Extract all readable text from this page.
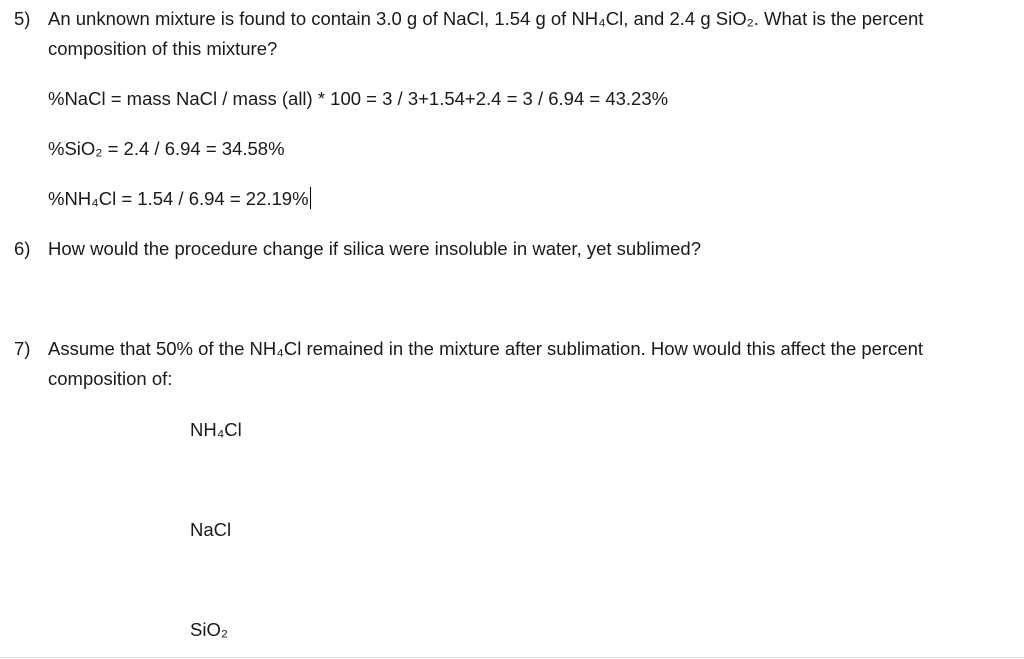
5) An unknown mixture is found to contain 3.0 g of NaCl, 1.54 g of NH₄Cl, and 2.4 g SiO₂. What is the percent
composition of this mixture?
%NaCl = mass NaCl / mass (all) * 100 = 3 / 3+1.54+2.4 = 3 / 6.94 = 43.23%
%SiO₂ = 2.4 / 6.94 = 34.58%
%NH₄Cl = 1.54 / 6.94 = 22.19%
6) How would the procedure change if silica were insoluble in water, yet sublimed?
7) Assume that 50% of the NH₄Cl remained in the mixture after sublimation. How would this affect the percent
composition of:
NH₄Cl
NaCl
SiO₂
